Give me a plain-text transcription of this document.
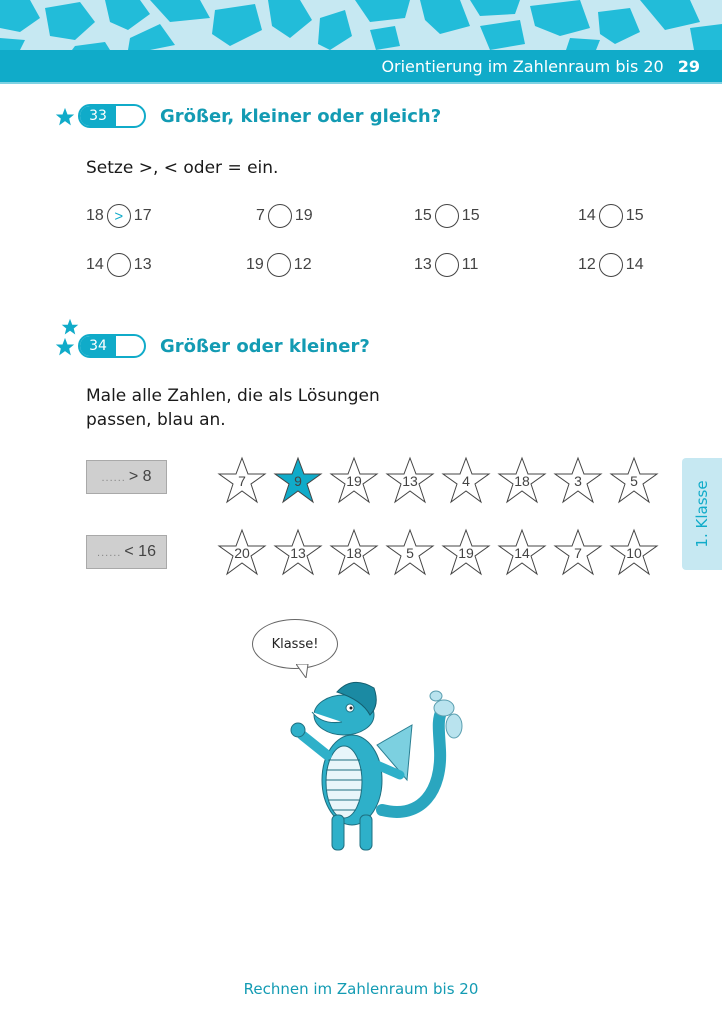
Orientierung im Zahlenraum bis 20 29
33	Größer, kleiner oder gleich?
Setze >, < oder = ein.
18 > 17	7 19	15 15	14 15
14 13	19 12	13 11	12 14
34	Größer oder kleiner?
Male alle Zahlen, die als Lösungen
passen, blau an.
...... > 8	7	9	19	13	4	18	3	5
...... < 16	20	13	18	5	19	14	7	10
1. Klasse
Klasse!
Rechnen im Zahlenraum bis 20
